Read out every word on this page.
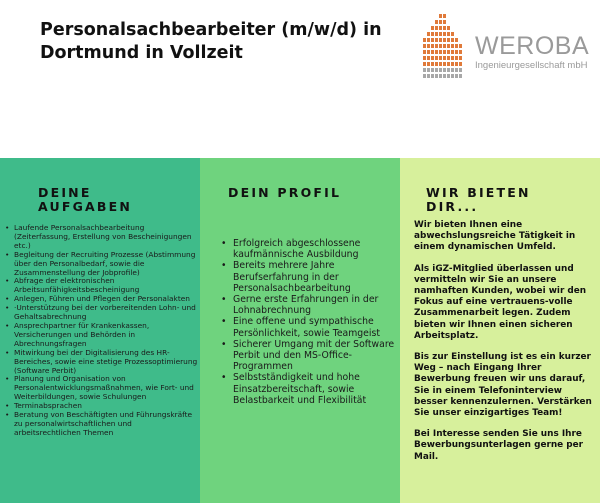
Personalsachbearbeiter (m/w/d) in Dortmund in Vollzeit	WEROBA
Ingenieurgesellschaft mbH
DEINE AUFGABEN
• Laufende Personalsachbearbeitung (Zeiterfassung, Erstellung von Bescheinigungen etc.)
• Begleitung der Recruiting Prozesse (Abstimmung über den Personalbedarf, sowie die Zusammenstellung der Jobprofile)
• Abfrage der elektronischen Arbeitsunfähigkeitsbescheinigung
• Anlegen, Führen und Pflegen der Personalakten
• ·Unterstützung bei der vorbereitenden Lohn- und Gehaltsabrechnung
• Ansprechpartner für Krankenkassen, Versicherungen und Behörden in Abrechnungsfragen
• Mitwirkung bei der Digitalisierung des HR-Bereiches, sowie eine stetige Prozessoptimierung (Software Perbit)
• Planung und Organisation von Personalentwicklungsmaßnahmen, wie Fort- und Weiterbildungen, sowie Schulungen
• Terminabsprachen
• Beratung von Beschäftigten und Führungskräfte zu personalwirtschaftlichen und arbeitsrechtlichen Themen
DEIN PROFIL
• Erfolgreich abgeschlossene kaufmännische Ausbildung
• Bereits mehrere Jahre Berufserfahrung in der Personalsachbearbeitung
• Gerne erste Erfahrungen in der Lohnabrechnung
• Eine offene und sympathische Persönlichkeit, sowie Teamgeist
• Sicherer Umgang mit der Software Perbit und den MS-Office-Programmen
• Selbstständigkeit und hohe Einsatzbereitschaft, sowie Belastbarkeit und Flexibilität
WIR BIETEN DIR...

Wir bieten Ihnen eine abwechslungsreiche Tätigkeit in einem dynamischen Umfeld.

Als iGZ-Mitglied überlassen und vermitteln wir Sie an unsere namhaften Kunden, wobei wir den Fokus auf eine vertrauens-volle Zusammenarbeit legen. Zudem bieten wir Ihnen einen sicheren Arbeitsplatz.

Bis zur Einstellung ist es ein kurzer Weg – nach Eingang Ihrer Bewerbung freuen wir uns darauf, Sie in einem Telefoninterview besser kennenzulernen. Verstärken Sie unser einzigartiges Team!

Bei Interesse senden Sie uns Ihre Bewerbungsunterlagen gerne per Mail.
